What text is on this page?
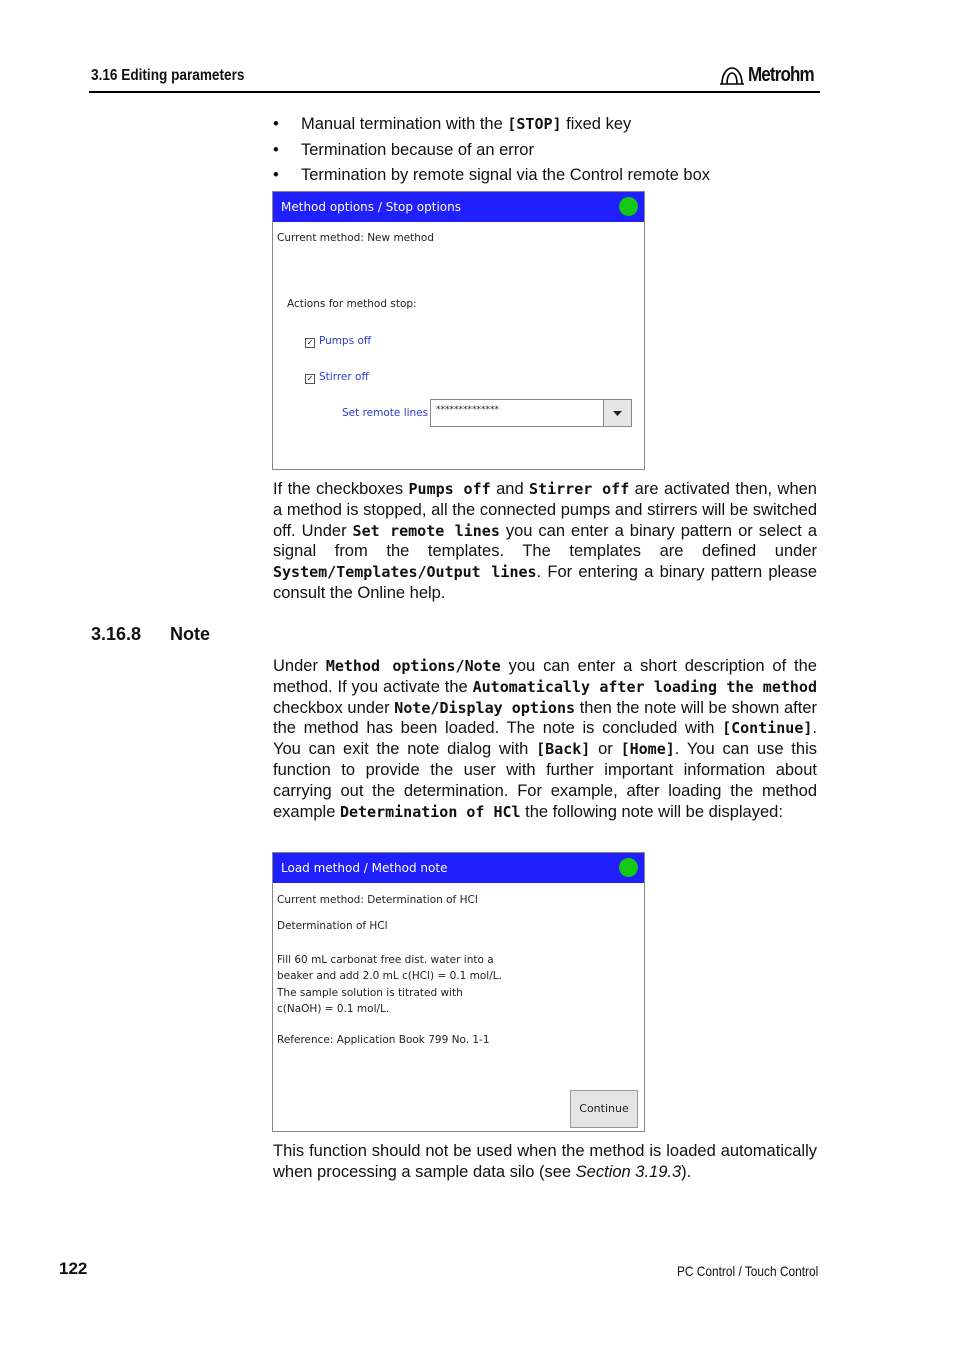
3.16 Editing parameters	Metrohm
• Manual termination with the [STOP] fixed key
• Termination because of an error
• Termination by remote signal via the Control remote box
Method options / Stop options
Current method: New method
Actions for method stop:
✓ Pumps off
✓ Stirrer off
Set remote lines **************
If the checkboxes Pumps off and Stirrer off are activated then, when a method is stopped, all the connected pumps and stirrers will be switched off. Under Set remote lines you can enter a binary pattern or select a signal from the templates. The templates are defined under System/Templates/Output lines. For entering a binary pattern please consult the Online help.
3.16.8 Note
Under Method options/Note you can enter a short description of the method. If you activate the Automatically after loading the method checkbox under Note/Display options then the note will be shown after the method has been loaded. The note is concluded with [Continue]. You can exit the note dialog with [Back] or [Home]. You can use this function to provide the user with further important information about carrying out the determination. For example, after loading the method example Determination of HCl the following note will be displayed:
Load method / Method note
Current method: Determination of HCl
Determination of HCl
Fill 60 mL carbonat free dist. water into a
beaker and add 2.0 mL c(HCl) = 0.1 mol/L.
The sample solution is titrated with
c(NaOH) = 0.1 mol/L.
Reference: Application Book 799 No. 1-1
Continue
This function should not be used when the method is loaded automatically when processing a sample data silo (see Section 3.19.3).
122	PC Control / Touch Control
